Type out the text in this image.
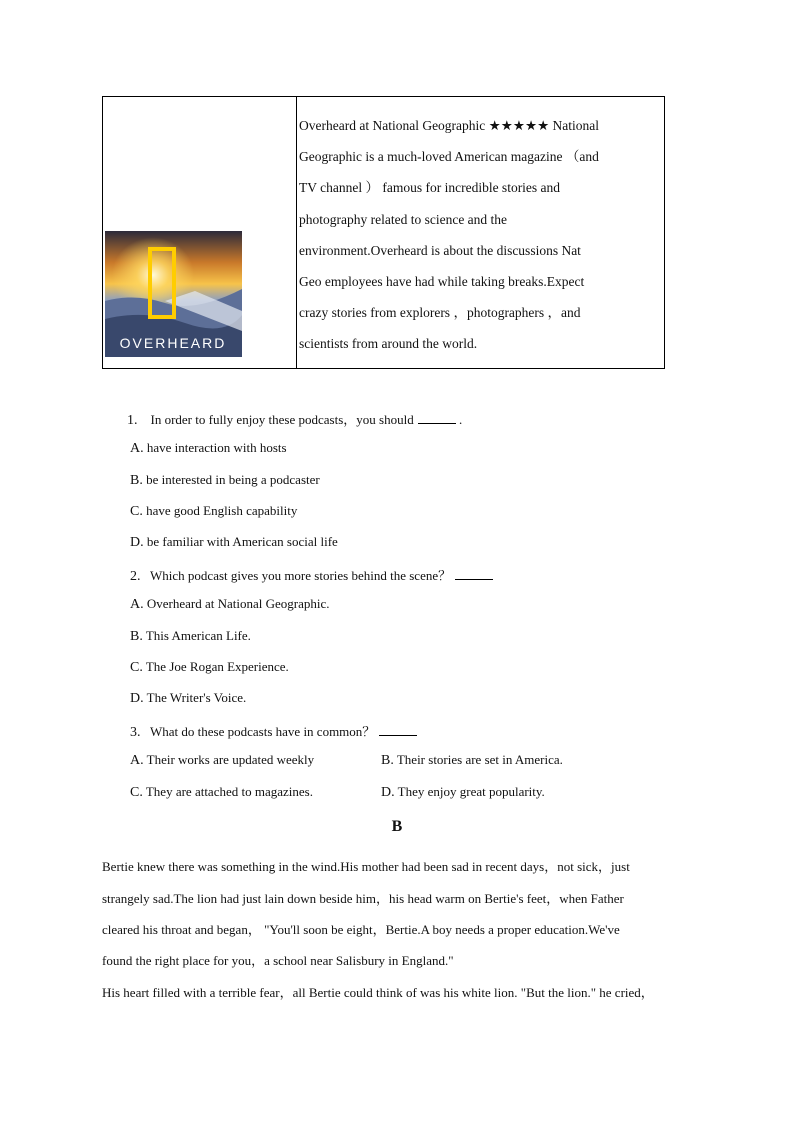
OVERHEARD
Overheard at National Geographic ★★★★★ National
Geographic is a much-loved American magazine （and
TV channel ） famous for incredible stories and
photography related to science and the
environment.Overheard is about the discussions Nat
Geo employees have had while taking breaks.Expect
crazy stories from explorers ，photographers ，and
scientists from around the world.
1. In order to fully enjoy these podcasts，you should	.
A. have interaction with hosts
B. be interested in being a podcaster
C. have good English capability
D. be familiar with American social life
2. Which podcast gives you more stories behind the scene？
A. Overheard at National Geographic.
B. This American Life.
C. The Joe Rogan Experience.
D. The Writer's Voice.
3. What do these podcasts have in common？
A. Their works are updated weekly	B. Their stories are set in America.
C. They are attached to magazines.	D. They enjoy great popularity.
B
Bertie knew there was something in the wind.His mother had been sad in recent days，not sick，just
strangely sad.The lion had just lain down beside him，his head warm on Bertie's feet，when Father
cleared his throat and began， "You'll soon be eight，Bertie.A boy needs a proper education.We've
found the right place for you，a school near Salisbury in England."
His heart filled with a terrible fear，all Bertie could think of was his white lion. "But the lion." he cried，
